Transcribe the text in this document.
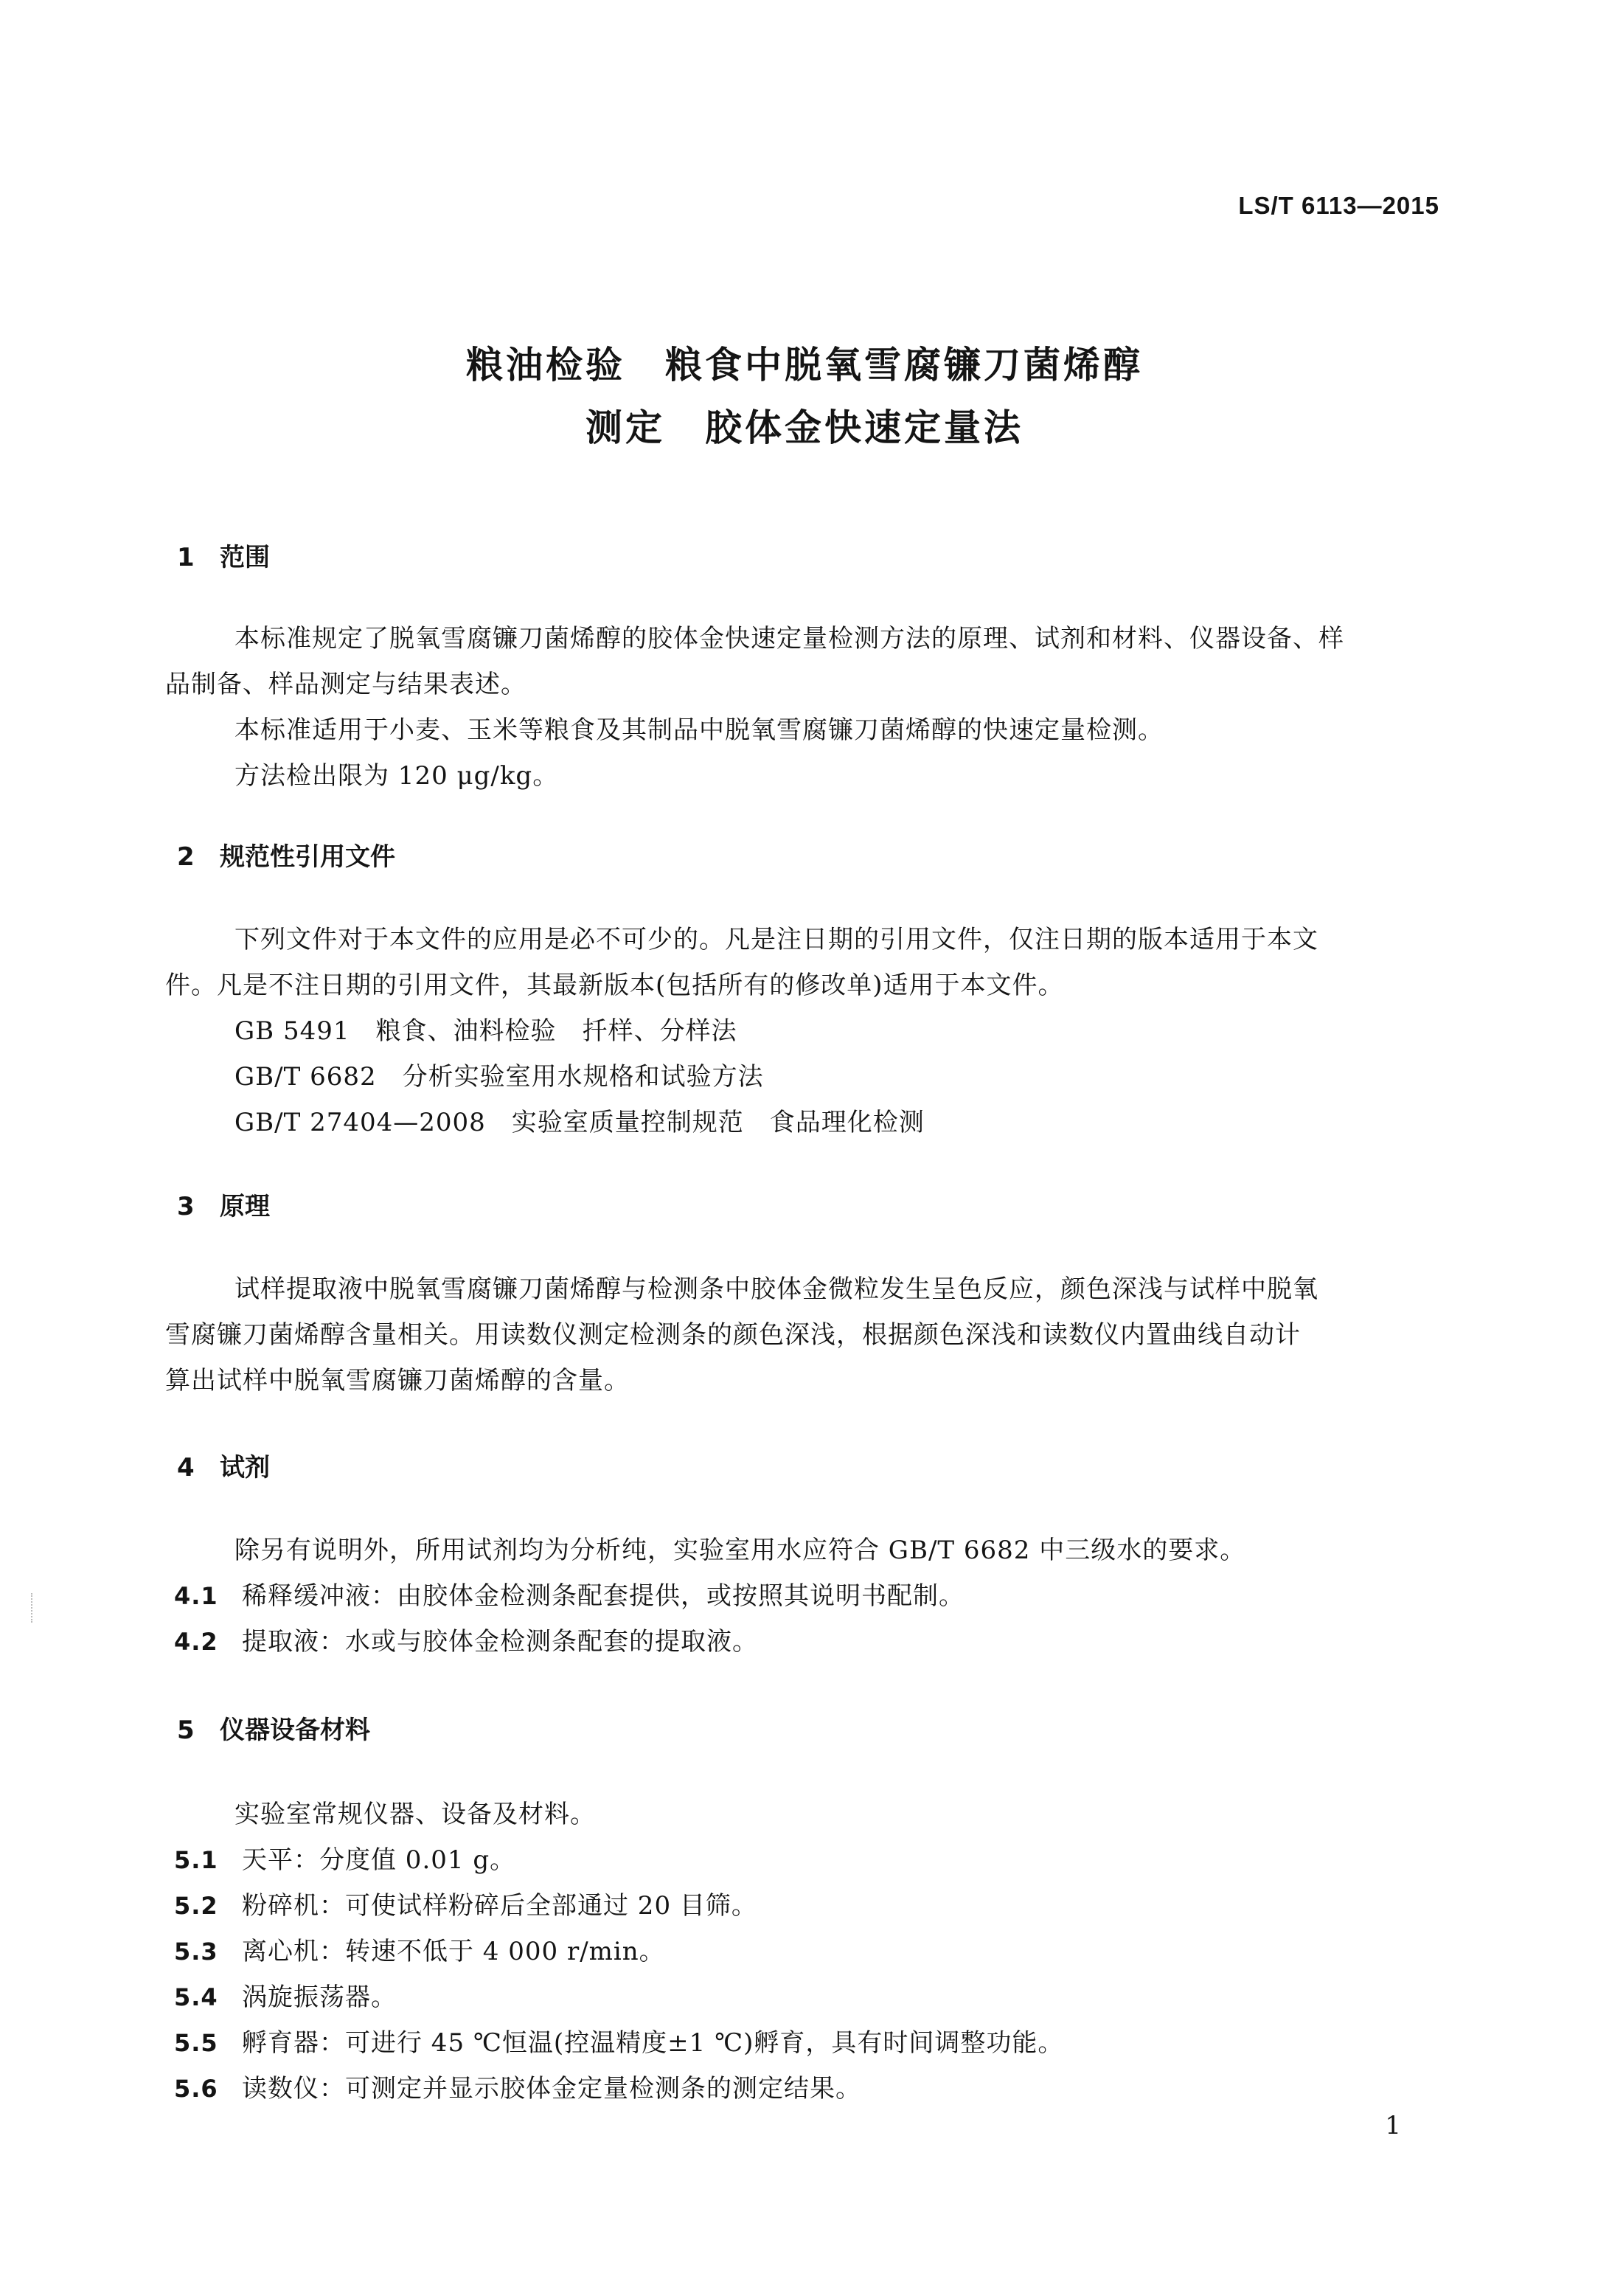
LS/T 6113—2015
粮油检验　粮食中脱氧雪腐镰刀菌烯醇
测定　胶体金快速定量法
1 范围
本标准规定了脱氧雪腐镰刀菌烯醇的胶体金快速定量检测方法的原理、试剂和材料、仪器设备、样
品制备、样品测定与结果表述。
本标准适用于小麦、玉米等粮食及其制品中脱氧雪腐镰刀菌烯醇的快速定量检测。
方法检出限为 120 μg/kg。
2 规范性引用文件
下列文件对于本文件的应用是必不可少的。凡是注日期的引用文件，仅注日期的版本适用于本文
件。凡是不注日期的引用文件，其最新版本(包括所有的修改单)适用于本文件。
GB 5491　粮食、油料检验　扦样、分样法
GB/T 6682　分析实验室用水规格和试验方法
GB/T 27404—2008　实验室质量控制规范　食品理化检测
3 原理
试样提取液中脱氧雪腐镰刀菌烯醇与检测条中胶体金微粒发生呈色反应，颜色深浅与试样中脱氧
雪腐镰刀菌烯醇含量相关。用读数仪测定检测条的颜色深浅，根据颜色深浅和读数仪内置曲线自动计
算出试样中脱氧雪腐镰刀菌烯醇的含量。
4 试剂
除另有说明外，所用试剂均为分析纯，实验室用水应符合 GB/T 6682 中三级水的要求。
4.1 稀释缓冲液：由胶体金检测条配套提供，或按照其说明书配制。
4.2 提取液：水或与胶体金检测条配套的提取液。
5 仪器设备材料
实验室常规仪器、设备及材料。
5.1 天平：分度值 0.01 g。
5.2 粉碎机：可使试样粉碎后全部通过 20 目筛。
5.3 离心机：转速不低于 4 000 r/min。
5.4 涡旋振荡器。
5.5 孵育器：可进行 45 ℃恒温(控温精度±1 ℃)孵育，具有时间调整功能。
5.6 读数仪：可测定并显示胶体金定量检测条的测定结果。
1
